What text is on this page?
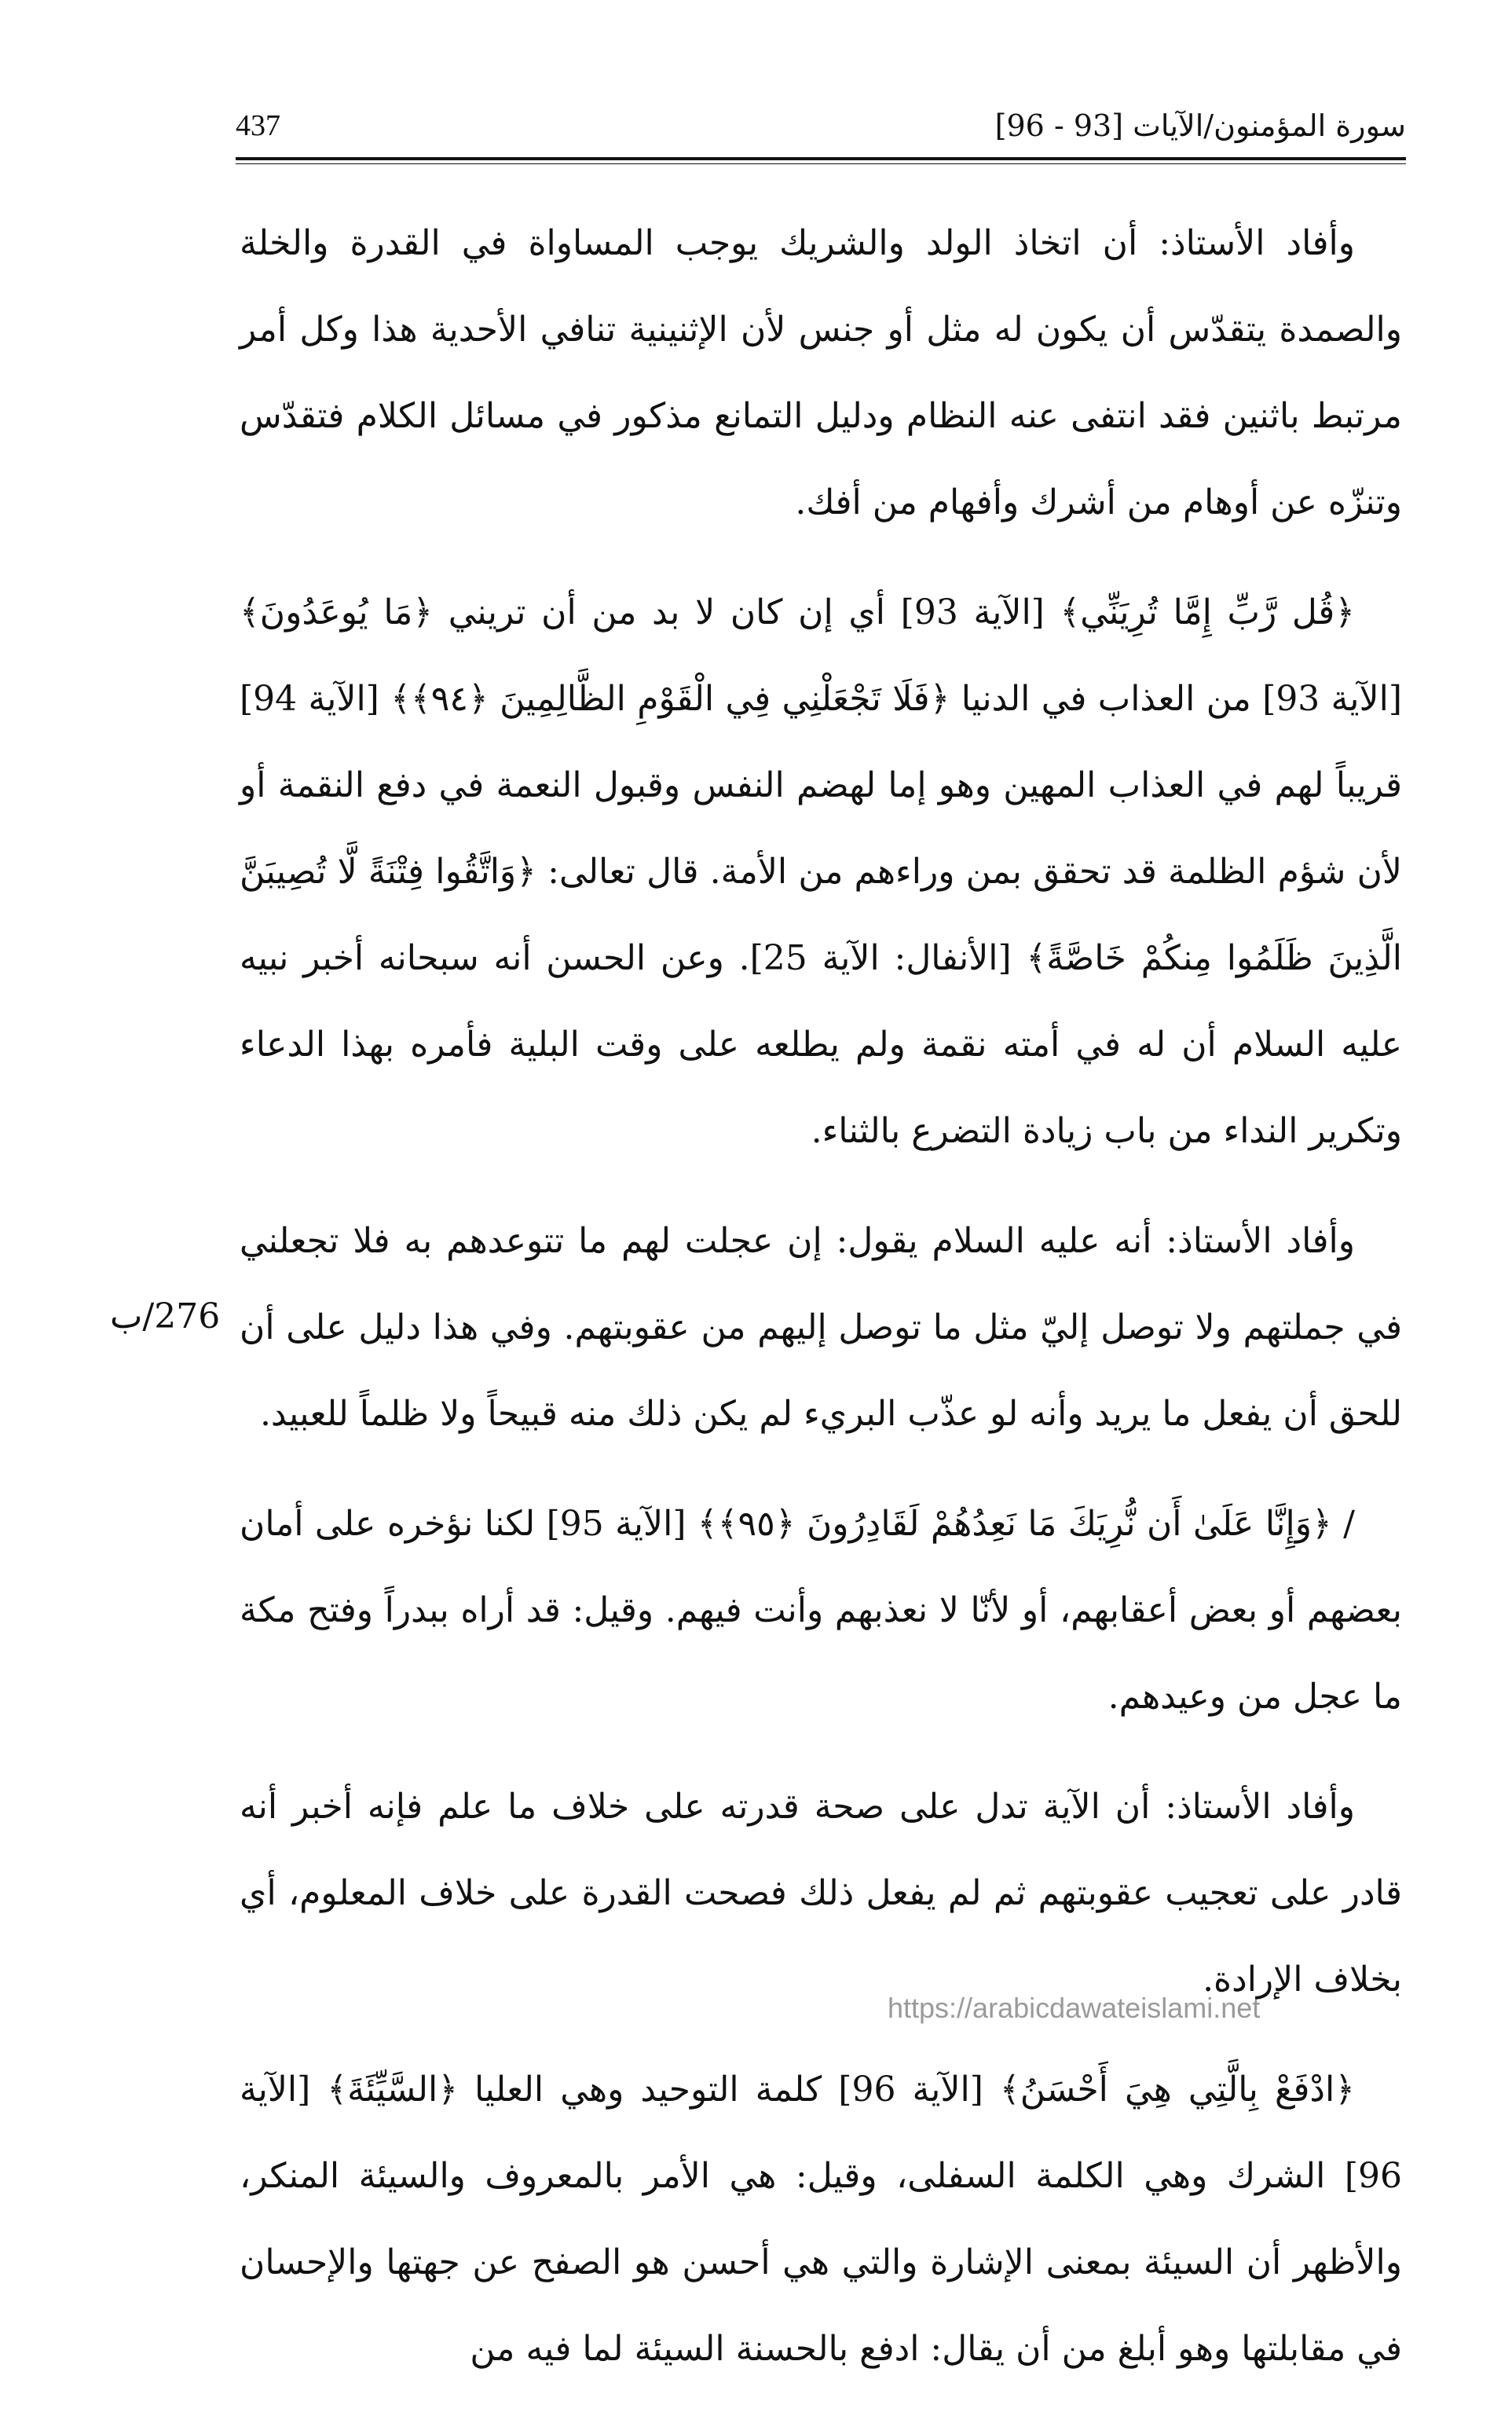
437	سورة المؤمنون/الآيات [93 - 96]

وأفاد الأستاذ: أن اتخاذ الولد والشريك يوجب المساواة في القدرة والخلة والصمدة يتقدّس أن يكون له مثل أو جنس لأن الإثنينية تنافي الأحدية هذا وكل أمر مرتبط باثنين فقد انتفى عنه النظام ودليل التمانع مذكور في مسائل الكلام فتقدّس وتنزّه عن أوهام من أشرك وأفهام من أفك.

﴿قُل رَّبِّ إِمَّا تُرِيَنِّي﴾ [الآية 93] أي إن كان لا بد من أن تريني ﴿مَا يُوعَدُونَ﴾ [الآية 93] من العذاب في الدنيا ﴿فَلَا تَجْعَلْنِي فِي الْقَوْمِ الظَّالِمِينَ ﴿٩٤﴾﴾ [الآية 94] قريباً لهم في العذاب المهين وهو إما لهضم النفس وقبول النعمة في دفع النقمة أو لأن شؤم الظلمة قد تحقق بمن وراءهم من الأمة. قال تعالى: ﴿وَاتَّقُوا فِتْنَةً لَّا تُصِيبَنَّ الَّذِينَ ظَلَمُوا مِنكُمْ خَاصَّةً﴾ [الأنفال: الآية 25]. وعن الحسن أنه سبحانه أخبر نبيه عليه السلام أن له في أمته نقمة ولم يطلعه على وقت البلية فأمره بهذا الدعاء وتكرير النداء من باب زيادة التضرع بالثناء.

وأفاد الأستاذ: أنه عليه السلام يقول: إن عجلت لهم ما تتوعدهم به فلا تجعلني في جملتهم ولا توصل إليّ مثل ما توصل إليهم من عقوبتهم. وفي هذا دليل على أن للحق أن يفعل ما يريد وأنه لو عذّب البريء لم يكن ذلك منه قبيحاً ولا ظلماً للعبيد.

/ ﴿وَإِنَّا عَلَىٰ أَن نُّرِيَكَ مَا نَعِدُهُمْ لَقَادِرُونَ ﴿٩٥﴾﴾ [الآية 95] لكنا نؤخره على أمان بعضهم أو بعض أعقابهم، أو لأنّا لا نعذبهم وأنت فيهم. وقيل: قد أراه ببدراً وفتح مكة ما عجل من وعيدهم.

وأفاد الأستاذ: أن الآية تدل على صحة قدرته على خلاف ما علم فإنه أخبر أنه قادر على تعجيب عقوبتهم ثم لم يفعل ذلك فصحت القدرة على خلاف المعلوم، أي بخلاف الإرادة.

﴿ادْفَعْ بِالَّتِي هِيَ أَحْسَنُ﴾ [الآية 96] كلمة التوحيد وهي العليا ﴿السَّيِّئَةَ﴾ [الآية 96] الشرك وهي الكلمة السفلى، وقيل: هي الأمر بالمعروف والسيئة المنكر، والأظهر أن السيئة بمعنى الإشارة والتي هي أحسن هو الصفح عن جهتها والإحسان في مقابلتها وهو أبلغ من أن يقال: ادفع بالحسنة السيئة لما فيه من

276/ب
https://arabicdawateislami.net
